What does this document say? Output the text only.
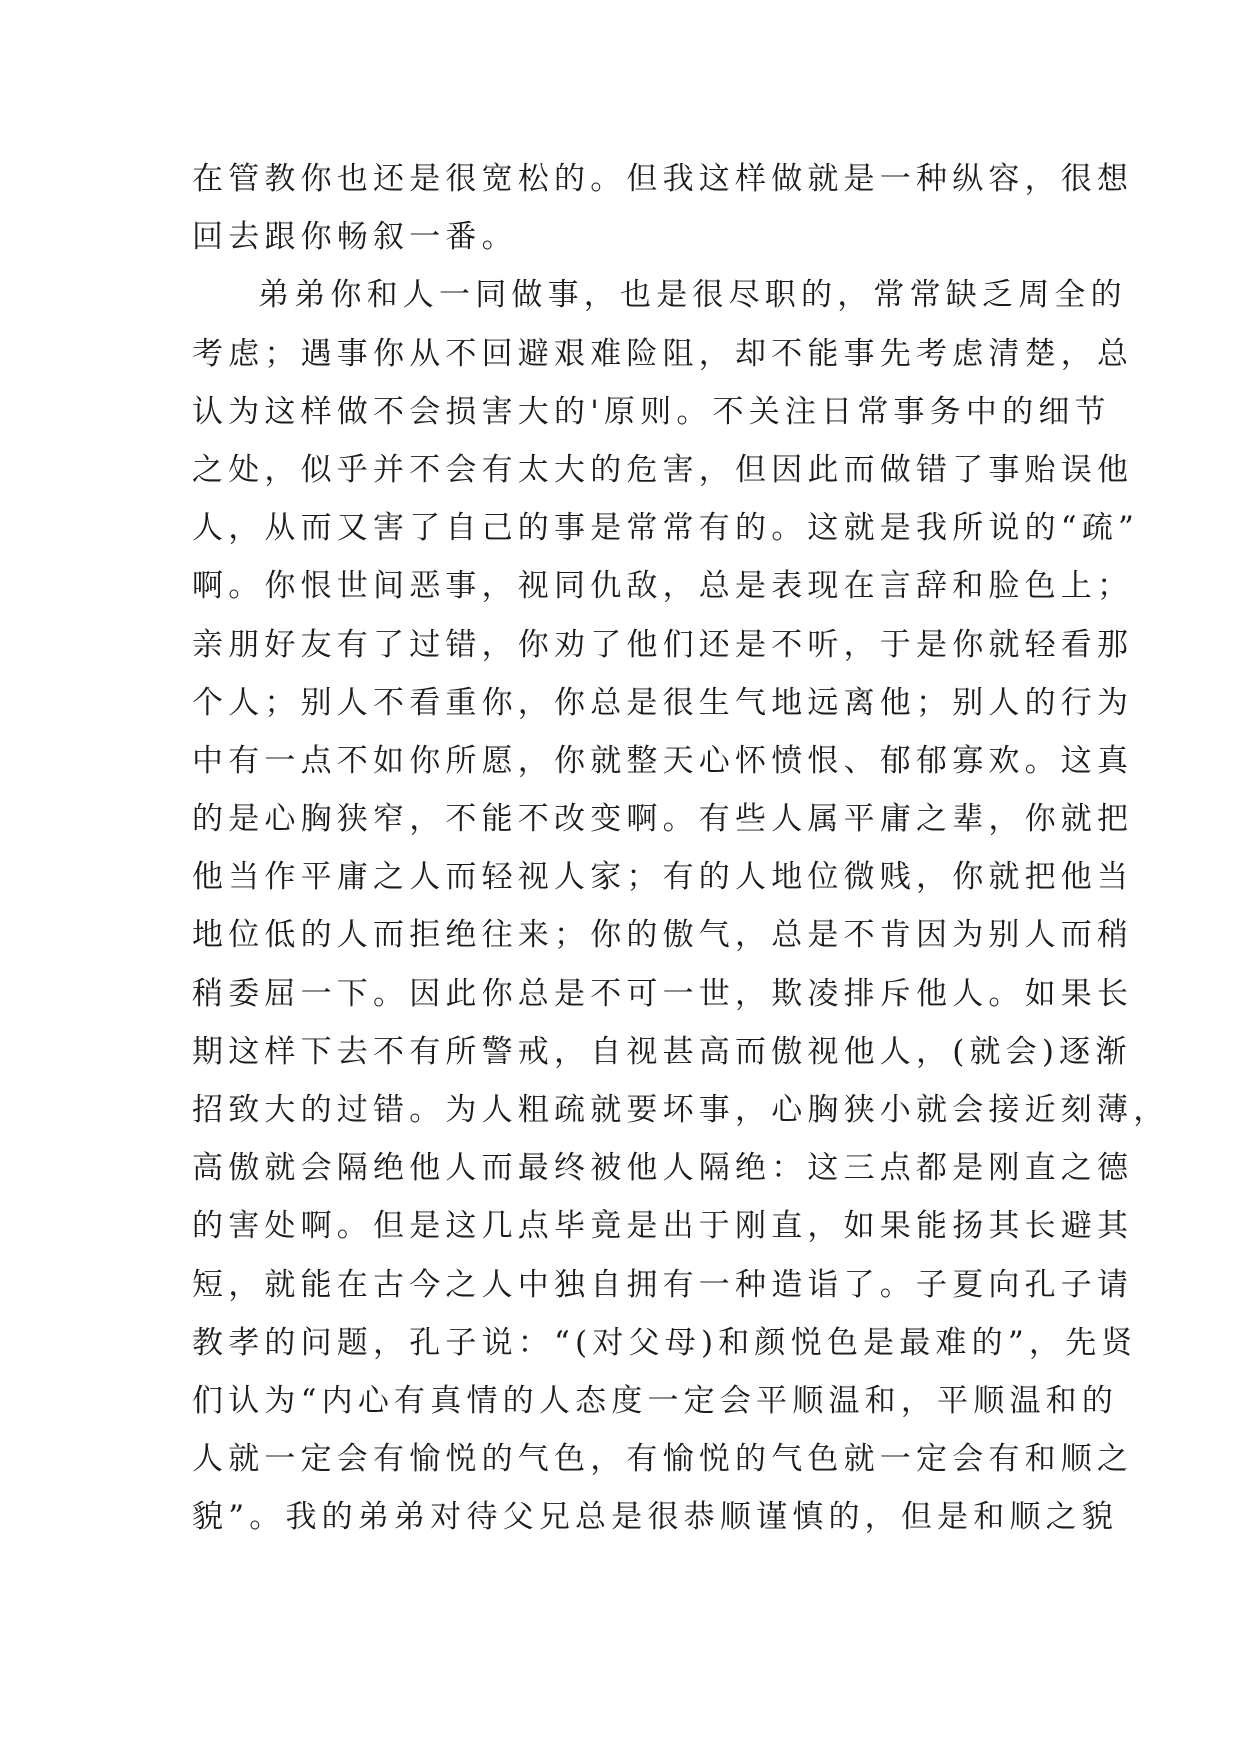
在管教你也还是很宽松的。但我这样做就是一种纵容，很想
回去跟你畅叙一番。
弟弟你和人一同做事，也是很尽职的，常常缺乏周全的
考虑；遇事你从不回避艰难险阻，却不能事先考虑清楚，总
认为这样做不会损害大的'原则。不关注日常事务中的细节
之处，似乎并不会有太大的危害，但因此而做错了事贻误他
人，从而又害了自己的事是常常有的。这就是我所说的“疏”
啊。你恨世间恶事，视同仇敌，总是表现在言辞和脸色上；
亲朋好友有了过错，你劝了他们还是不听，于是你就轻看那
个人；别人不看重你，你总是很生气地远离他；别人的行为
中有一点不如你所愿，你就整天心怀愤恨、郁郁寡欢。这真
的是心胸狭窄，不能不改变啊。有些人属平庸之辈，你就把
他当作平庸之人而轻视人家；有的人地位微贱，你就把他当
地位低的人而拒绝往来；你的傲气，总是不肯因为别人而稍
稍委屈一下。因此你总是不可一世，欺凌排斥他人。如果长
期这样下去不有所警戒，自视甚高而傲视他人，(就会)逐渐
招致大的过错。为人粗疏就要坏事，心胸狭小就会接近刻薄，
高傲就会隔绝他人而最终被他人隔绝：这三点都是刚直之德
的害处啊。但是这几点毕竟是出于刚直，如果能扬其长避其
短，就能在古今之人中独自拥有一种造诣了。子夏向孔子请
教孝的问题，孔子说：“(对父母)和颜悦色是最难的”，先贤
们认为“内心有真情的人态度一定会平顺温和，平顺温和的
人就一定会有愉悦的气色，有愉悦的气色就一定会有和顺之
貌”。我的弟弟对待父兄总是很恭顺谨慎的，但是和顺之貌
